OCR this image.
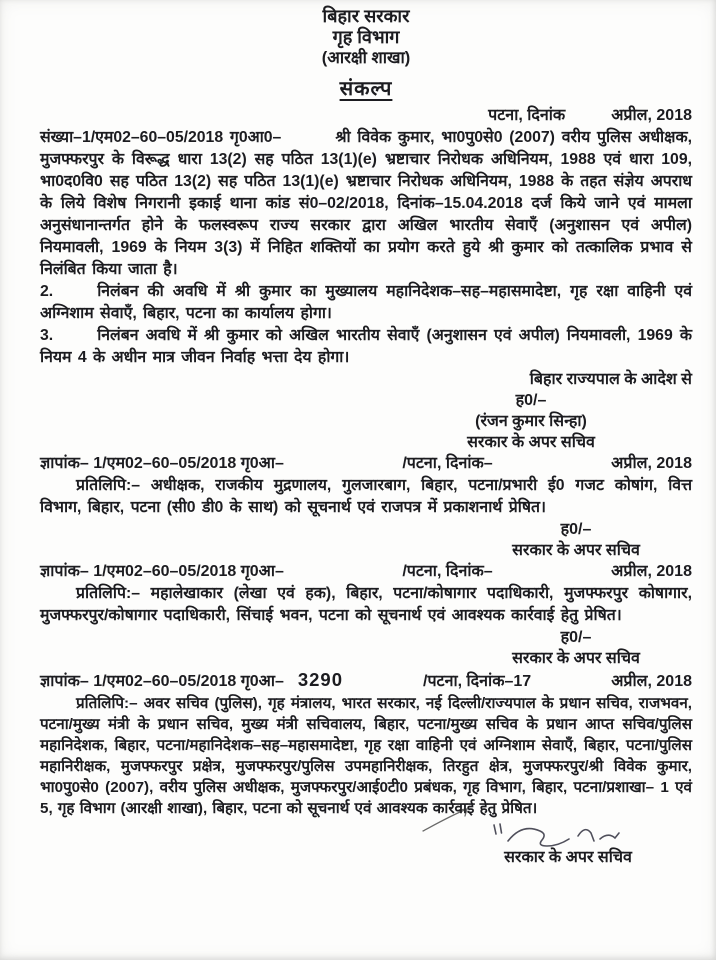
बिहार सरकार
गृह विभाग
(आरक्षी शाखा)
संकल्प
पटना, दिनांक	अप्रील, 2018

संख्या–1/एम02–60–05/2018 गृ0आ0–	श्री विवेक कुमार, भा0पु0से0 (2007) वरीय पुलिस अधीक्षक, मुजफ्फरपुर के विरूद्ध धारा 13(2) सह पठित 13(1)(e) भ्रष्टाचार निरोधक अधिनियम, 1988 एवं धारा 109, भा0द0वि0 सह पठित 13(2) सह पठित 13(1)(e) भ्रष्टाचार निरोधक अधिनियम, 1988 के तहत संज्ञेय अपराध के लिये विशेष निगरानी इकाई थाना कांड सं0–02/2018, दिनांक–15.04.2018 दर्ज किये जाने एवं मामला अनुसंधानान्तर्गत होने के फलस्वरूप राज्य सरकार द्वारा अखिल भारतीय सेवाएँ (अनुशासन एवं अपील) नियमावली, 1969 के नियम 3(3) में निहित शक्तियों का प्रयोग करते हुये श्री कुमार को तत्कालिक प्रभाव से निलंबित किया जाता है।

2.	निलंबन की अवधि में श्री कुमार का मुख्यालय महानिदेशक–सह–महासमादेष्टा, गृह रक्षा वाहिनी एवं अग्निशाम सेवाएँ, बिहार, पटना का कार्यालय होगा।

3.	निलंबन अवधि में श्री कुमार को अखिल भारतीय सेवाएँ (अनुशासन एवं अपील) नियमावली, 1969 के नियम 4 के अधीन मात्र जीवन निर्वाह भत्ता देय होगा।

बिहार राज्यपाल के आदेश से

ह0/–
(रंजन कुमार सिन्हा)
सरकार के अपर सचिव
ज्ञापांक– 1/एम02–60–05/2018 गृ0आ–	/पटना, दिनांक–	अप्रील, 2018

प्रतिलिपि:– अधीक्षक, राजकीय मुद्रणालय, गुलजारबाग, बिहार, पटना/प्रभारी ई0 गजट कोषांग, वित्त विभाग, बिहार, पटना (सी0 डी0 के साथ) को सूचनार्थ एवं राजपत्र में प्रकाशनार्थ प्रेषित।

ह0/–
सरकार के अपर सचिव
ज्ञापांक– 1/एम02–60–05/2018 गृ0आ–	/पटना, दिनांक–	अप्रील, 2018

प्रतिलिपि:– महालेखाकार (लेखा एवं हक), बिहार, पटना/कोषागार पदाधिकारी, मुजफ्फरपुर कोषागार, मुजफ्फरपुर/कोषागार पदाधिकारी, सिंचाई भवन, पटना को सूचनार्थ एवं आवश्यक कार्रवाई हेतु प्रेषित।

ह0/–
सरकार के अपर सचिव
ज्ञापांक– 1/एम02–60–05/2018 गृ0आ– 3290	/पटना, दिनांक–17	अप्रील, 2018

प्रतिलिपि:– अवर सचिव (पुलिस), गृह मंत्रालय, भारत सरकार, नई दिल्ली/राज्यपाल के प्रधान सचिव, राजभवन, पटना/मुख्य मंत्री के प्रधान सचिव, मुख्य मंत्री सचिवालय, बिहार, पटना/मुख्य सचिव के प्रधान आप्त सचिव/पुलिस महानिदेशक, बिहार, पटना/महानिदेशक–सह–महासमादेष्टा, गृह रक्षा वाहिनी एवं अग्निशाम सेवाएँ, बिहार, पटना/पुलिस महानिरीक्षक, मुजफ्फरपुर प्रक्षेत्र, मुजफ्फरपुर/पुलिस उपमहानिरीक्षक, तिरहुत क्षेत्र, मुजफ्फरपुर/श्री विवेक कुमार, भा0पु0से0 (2007), वरीय पुलिस अधीक्षक, मुजफ्फरपुर/आई0टी0 प्रबंधक, गृह विभाग, बिहार, पटना/प्रशाखा– 1 एवं 5, गृह विभाग (आरक्षी शाखा), बिहार, पटना को सूचनार्थ एवं आवश्यक कार्रवाई हेतु प्रेषित।

सरकार के अपर सचिव
